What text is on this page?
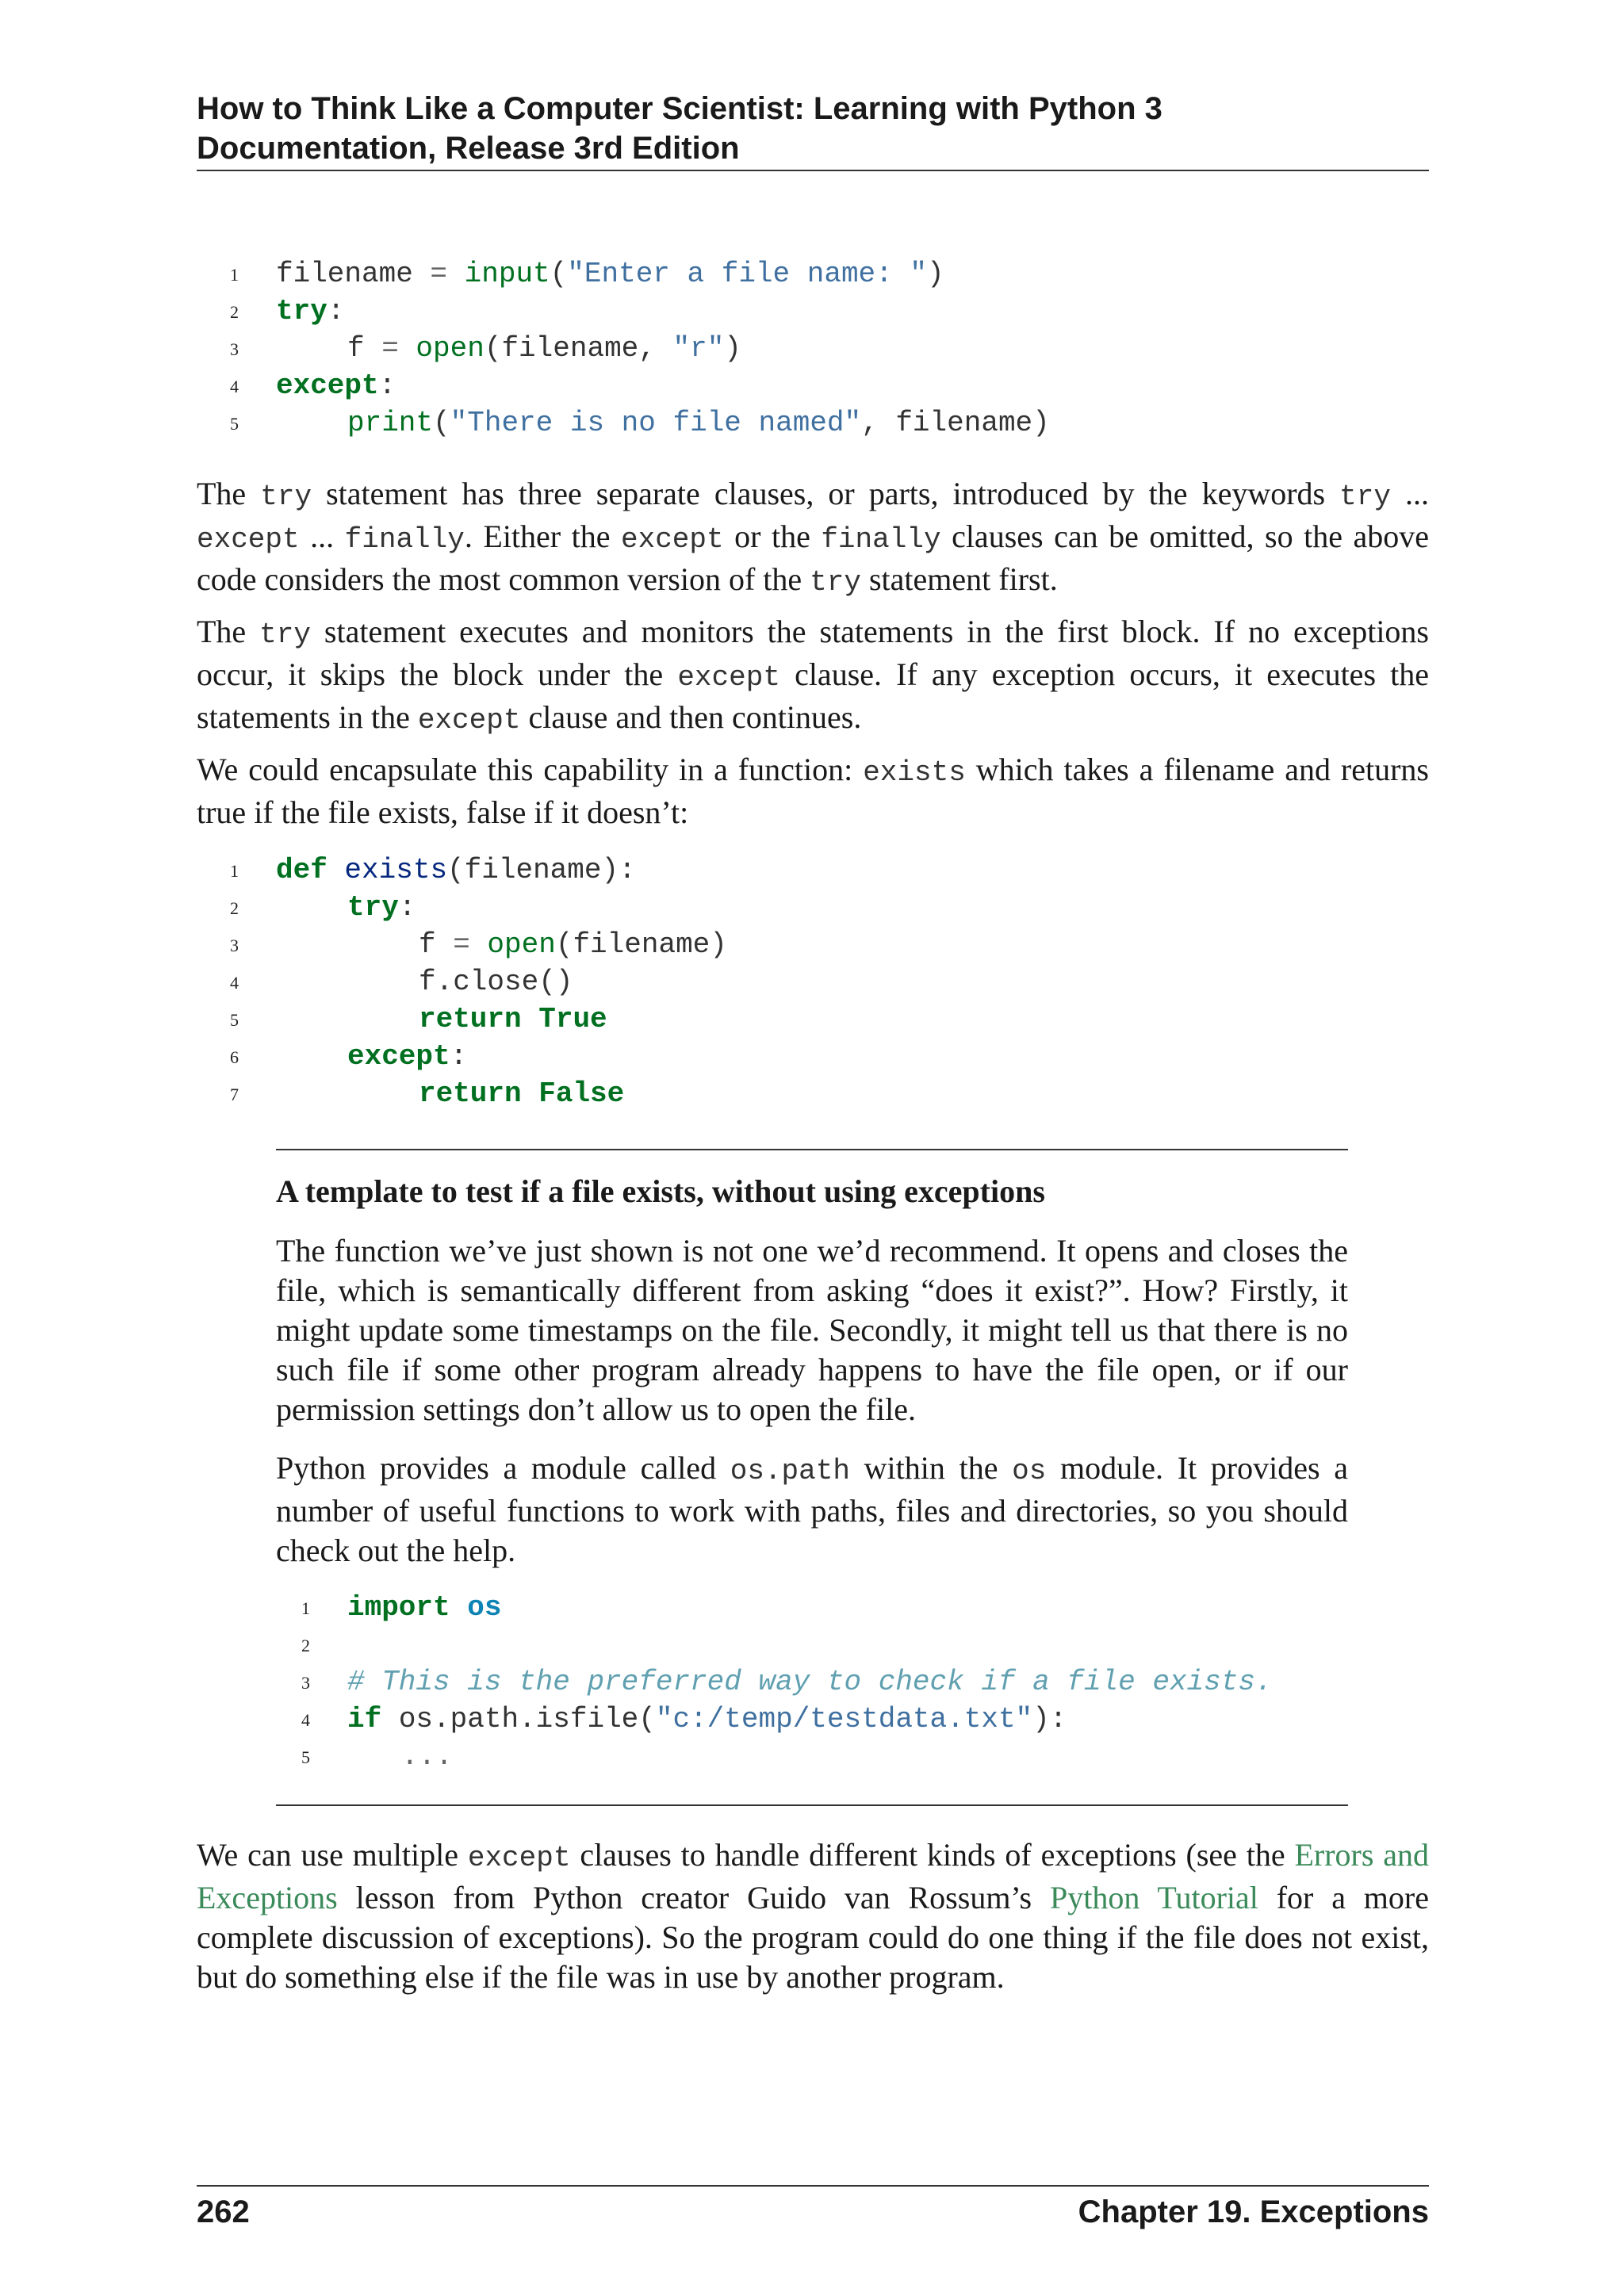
How to Think Like a Computer Scientist: Learning with Python 3
Documentation, Release 3rd Edition
1
2
3
4
5
filename = input("Enter a file name: ")
try:
f = open(filename, "r")
except:
print("There is no file named", filename)

The try statement has three separate clauses, or parts, introduced by the keywords try ... except ... finally. Either the except or the finally clauses can be omitted, so the above code considers the most common version of the try statement first.

The try statement executes and monitors the statements in the first block. If no exceptions occur, it skips the block under the except clause. If any exception occurs, it executes the statements in the except clause and then continues.

We could encapsulate this capability in a function: exists which takes a filename and returns true if the file exists, false if it doesn’t:

1
2
3
4
5
6
7
def exists(filename):
try:
f = open(filename)
f.close()
return True
except:
return False
A template to test if a file exists, without using exceptions

The function we’ve just shown is not one we’d recommend. It opens and closes the file, which is semantically different from asking “does it exist?”. How? Firstly, it might update some timestamps on the file. Secondly, it might tell us that there is no such file if some other program already happens to have the file open, or if our permission settings don’t allow us to open the file.

Python provides a module called os.path within the os module. It provides a number of useful functions to work with paths, files and directories, so you should check out the help.

1
2
3
4
5
import os
# This is the preferred way to check if a file exists.
if os.path.isfile("c:/temp/testdata.txt"):
...

We can use multiple except clauses to handle different kinds of exceptions (see the Errors and Exceptions lesson from Python creator Guido van Rossum’s Python Tutorial for a more complete discussion of exceptions). So the program could do one thing if the file does not exist, but do something else if the file was in use by another program.

262	Chapter 19. Exceptions
